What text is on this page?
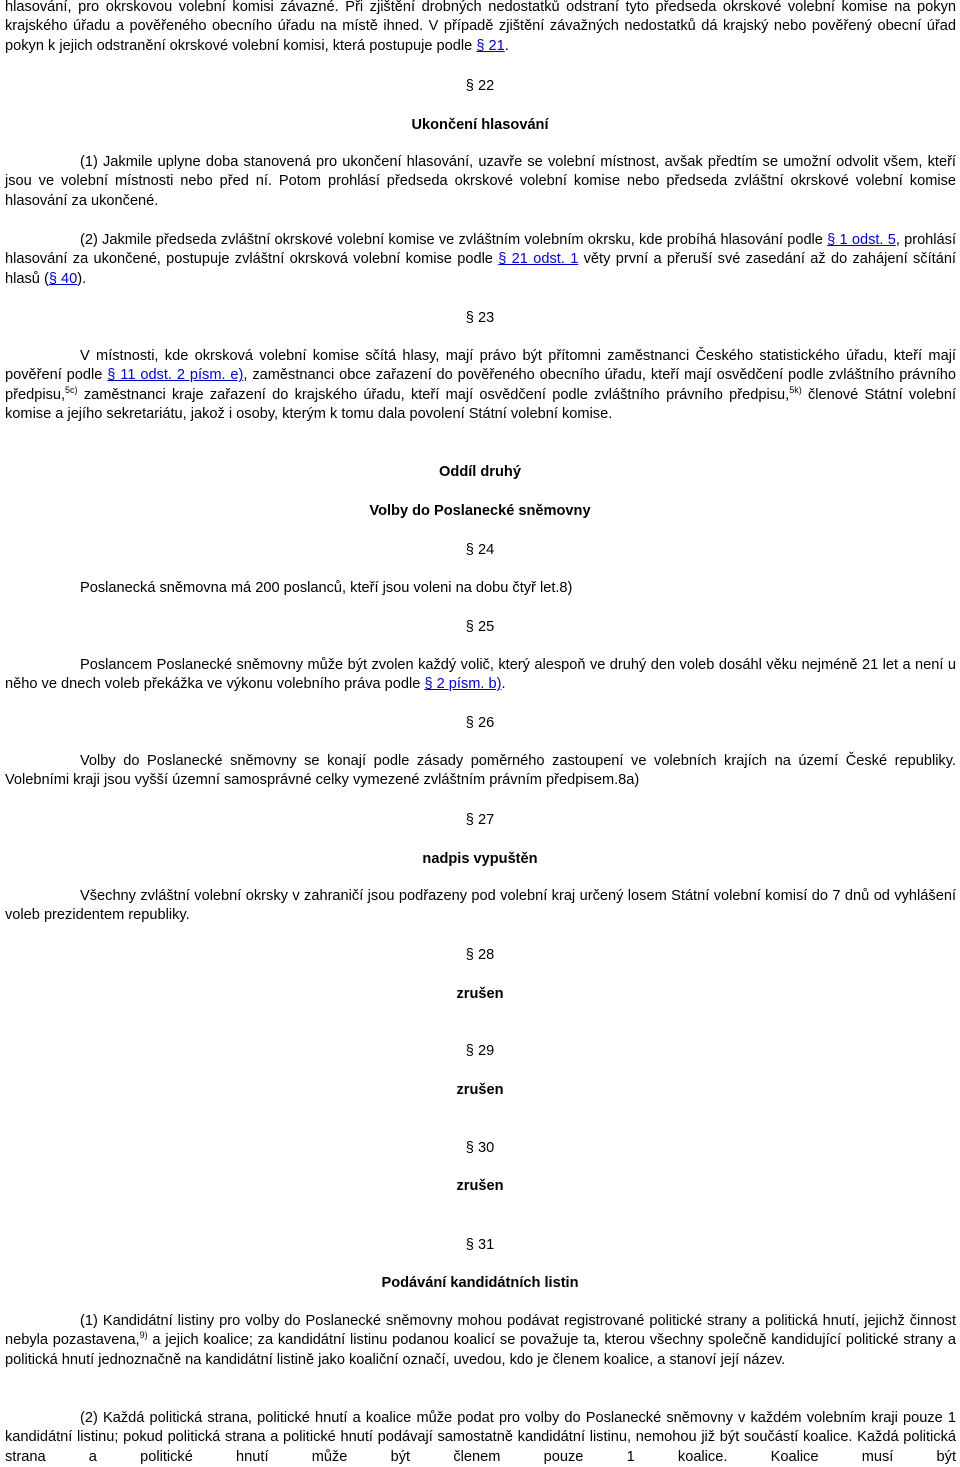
hlasování, pro okrskovou volební komisi závazné. Při zjištění drobných nedostatků odstraní tyto předseda okrskové volební komise na pokyn krajského úřadu a pověřeného obecního úřadu na místě ihned. V případě zjištění závažných nedostatků dá krajský nebo pověřený obecní úřad pokyn k jejich odstranění okrskové volební komisi, která postupuje podle § 21.

§ 22
Ukončení hlasování

(1) Jakmile uplyne doba stanovená pro ukončení hlasování, uzavře se volební místnost, avšak předtím se umožní odvolit všem, kteří jsou ve volební místnosti nebo před ní. Potom prohlásí předseda okrskové volební komise nebo předseda zvláštní okrskové volební komise hlasování za ukončené.

(2) Jakmile předseda zvláštní okrskové volební komise ve zvláštním volebním okrsku, kde probíhá hlasování podle § 1 odst. 5, prohlásí hlasování za ukončené, postupuje zvláštní okrsková volební komise podle § 21 odst. 1 věty první a přeruší své zasedání až do zahájení sčítání hlasů (§ 40).

§ 23

V místnosti, kde okrsková volební komise sčítá hlasy, mají právo být přítomni zaměstnanci Českého statistického úřadu, kteří mají pověření podle § 11 odst. 2 písm. e), zaměstnanci obce zařazení do pověřeného obecního úřadu, kteří mají osvědčení podle zvláštního právního předpisu,$^{5c)}$ zaměstnanci kraje zařazení do krajského úřadu, kteří mají osvědčení podle zvláštního právního předpisu,$^{5k)}$ členové Státní volební komise a jejího sekretariátu, jakož i osoby, kterým k tomu dala povolení Státní volební komise.

Oddíl druhý
Volby do Poslanecké sněmovny
§ 24

Poslanecká sněmovna má 200 poslanců, kteří jsou voleni na dobu čtyř let.8)

§ 25

Poslancem Poslanecké sněmovny může být zvolen každý volič, který alespoň ve druhý den voleb dosáhl věku nejméně 21 let a není u něho ve dnech voleb překážka ve výkonu volebního práva podle § 2 písm. b).

§ 26

Volby do Poslanecké sněmovny se konají podle zásady poměrného zastoupení ve volebních krajích na území České republiky. Volebními kraji jsou vyšší územní samosprávné celky vymezené zvláštním právním předpisem.8a)

§ 27
nadpis vypuštěn

Všechny zvláštní volební okrsky v zahraničí jsou podřazeny pod volební kraj určený losem Státní volební komisí do 7 dnů od vyhlášení voleb prezidentem republiky.

§ 28
zrušen
§ 29
zrušen
§ 30
zrušen
§ 31
Podávání kandidátních listin

(1) Kandidátní listiny pro volby do Poslanecké sněmovny mohou podávat registrované politické strany a politická hnutí, jejichž činnost nebyla pozastavena,$^{9)}$ a jejich koalice; za kandidátní listinu podanou koalicí se považuje ta, kterou všechny společně kandidující politické strany a politická hnutí jednoznačně na kandidátní listině jako koaliční označí, uvedou, kdo je členem koalice, a stanoví její název.

(2) Každá politická strana, politické hnutí a koalice může podat pro volby do Poslanecké sněmovny v každém volebním kraji pouze 1 kandidátní listinu; pokud politická strana a politické hnutí podávají samostatně kandidátní listinu, nemohou již být součástí koalice. Každá politická strana a politické hnutí může být členem pouze 1 koalice. Koalice musí být
